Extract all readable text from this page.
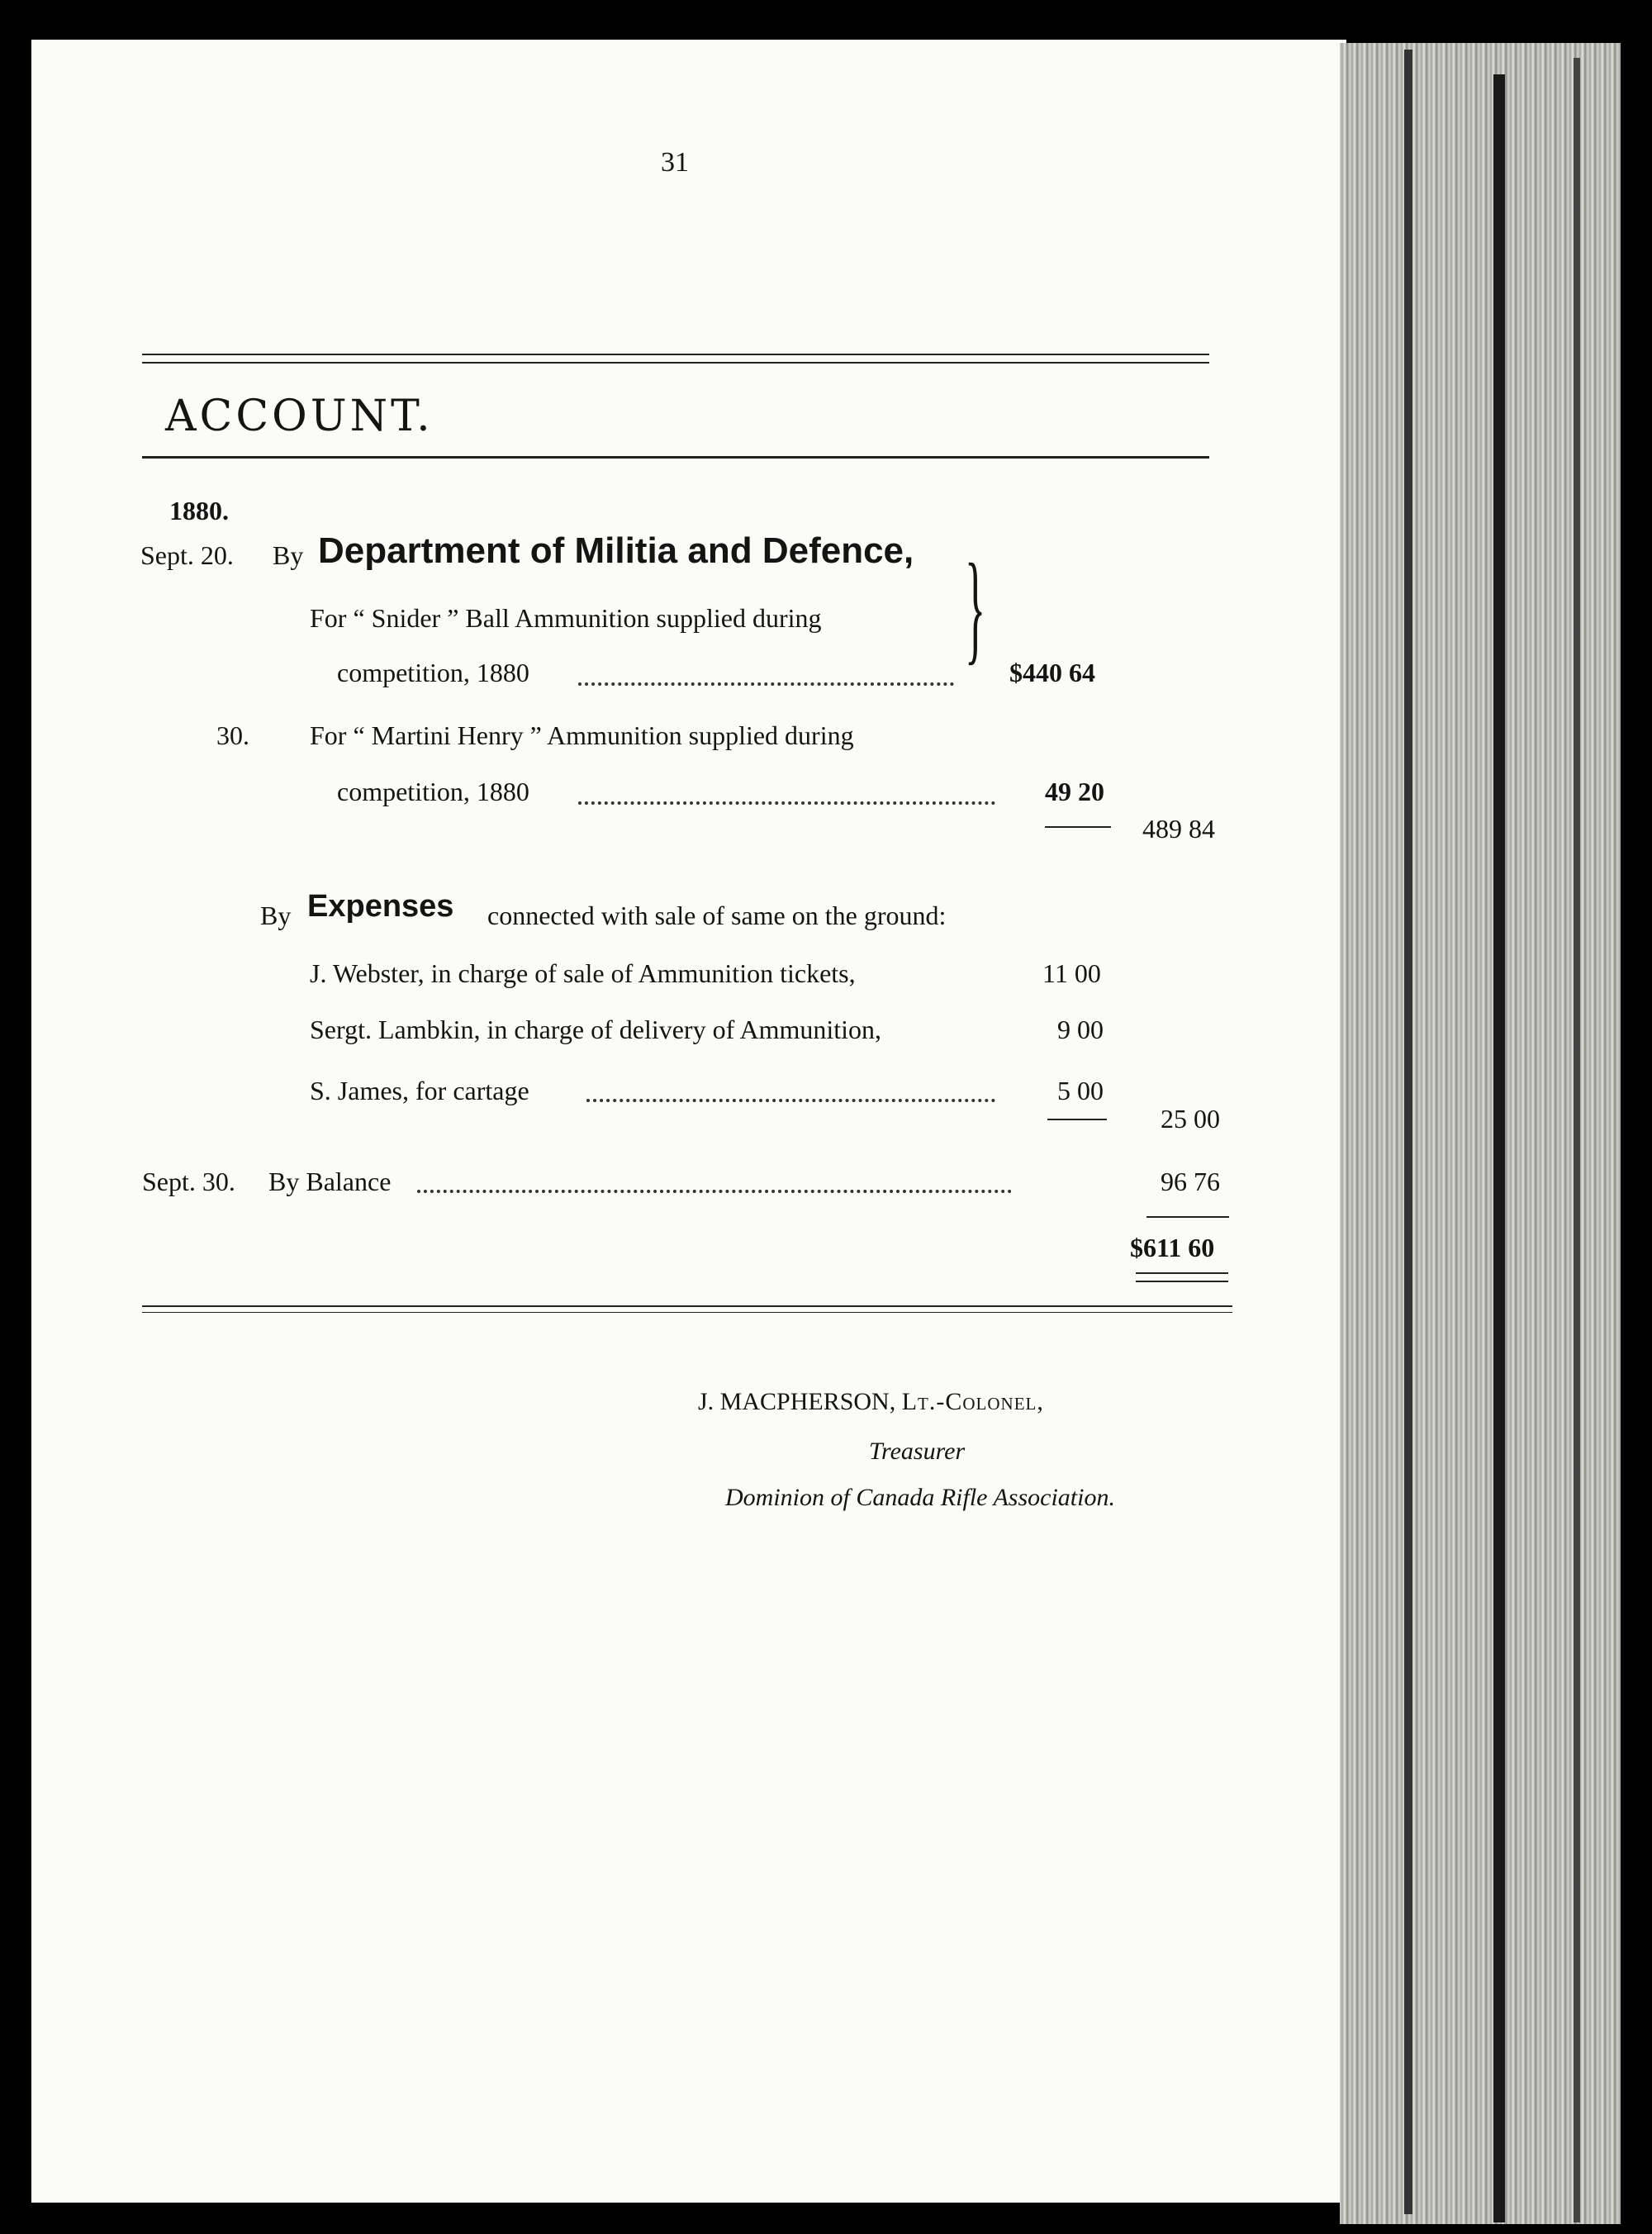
31
ACCOUNT.
1880.
Sept. 20. By Department of Militia and Defence,
For “ Snider ” Ball Ammunition supplied during
competition, 1880	} $440 64
30. For “ Martini Henry ” Ammunition supplied during
competition, 1880	49 20
489 84
By Expenses connected with sale of same on the ground:
J. Webster, in charge of sale of Ammunition tickets,	11 00
Sergt. Lambkin, in charge of delivery of Ammunition,	9 00
S. James, for cartage	5 00
25 00
Sept. 30. By Balance	96 76
$611 60
J. MACPHERSON, Lt.-Colonel,
Treasurer
Dominion of Canada Rifle Association.
